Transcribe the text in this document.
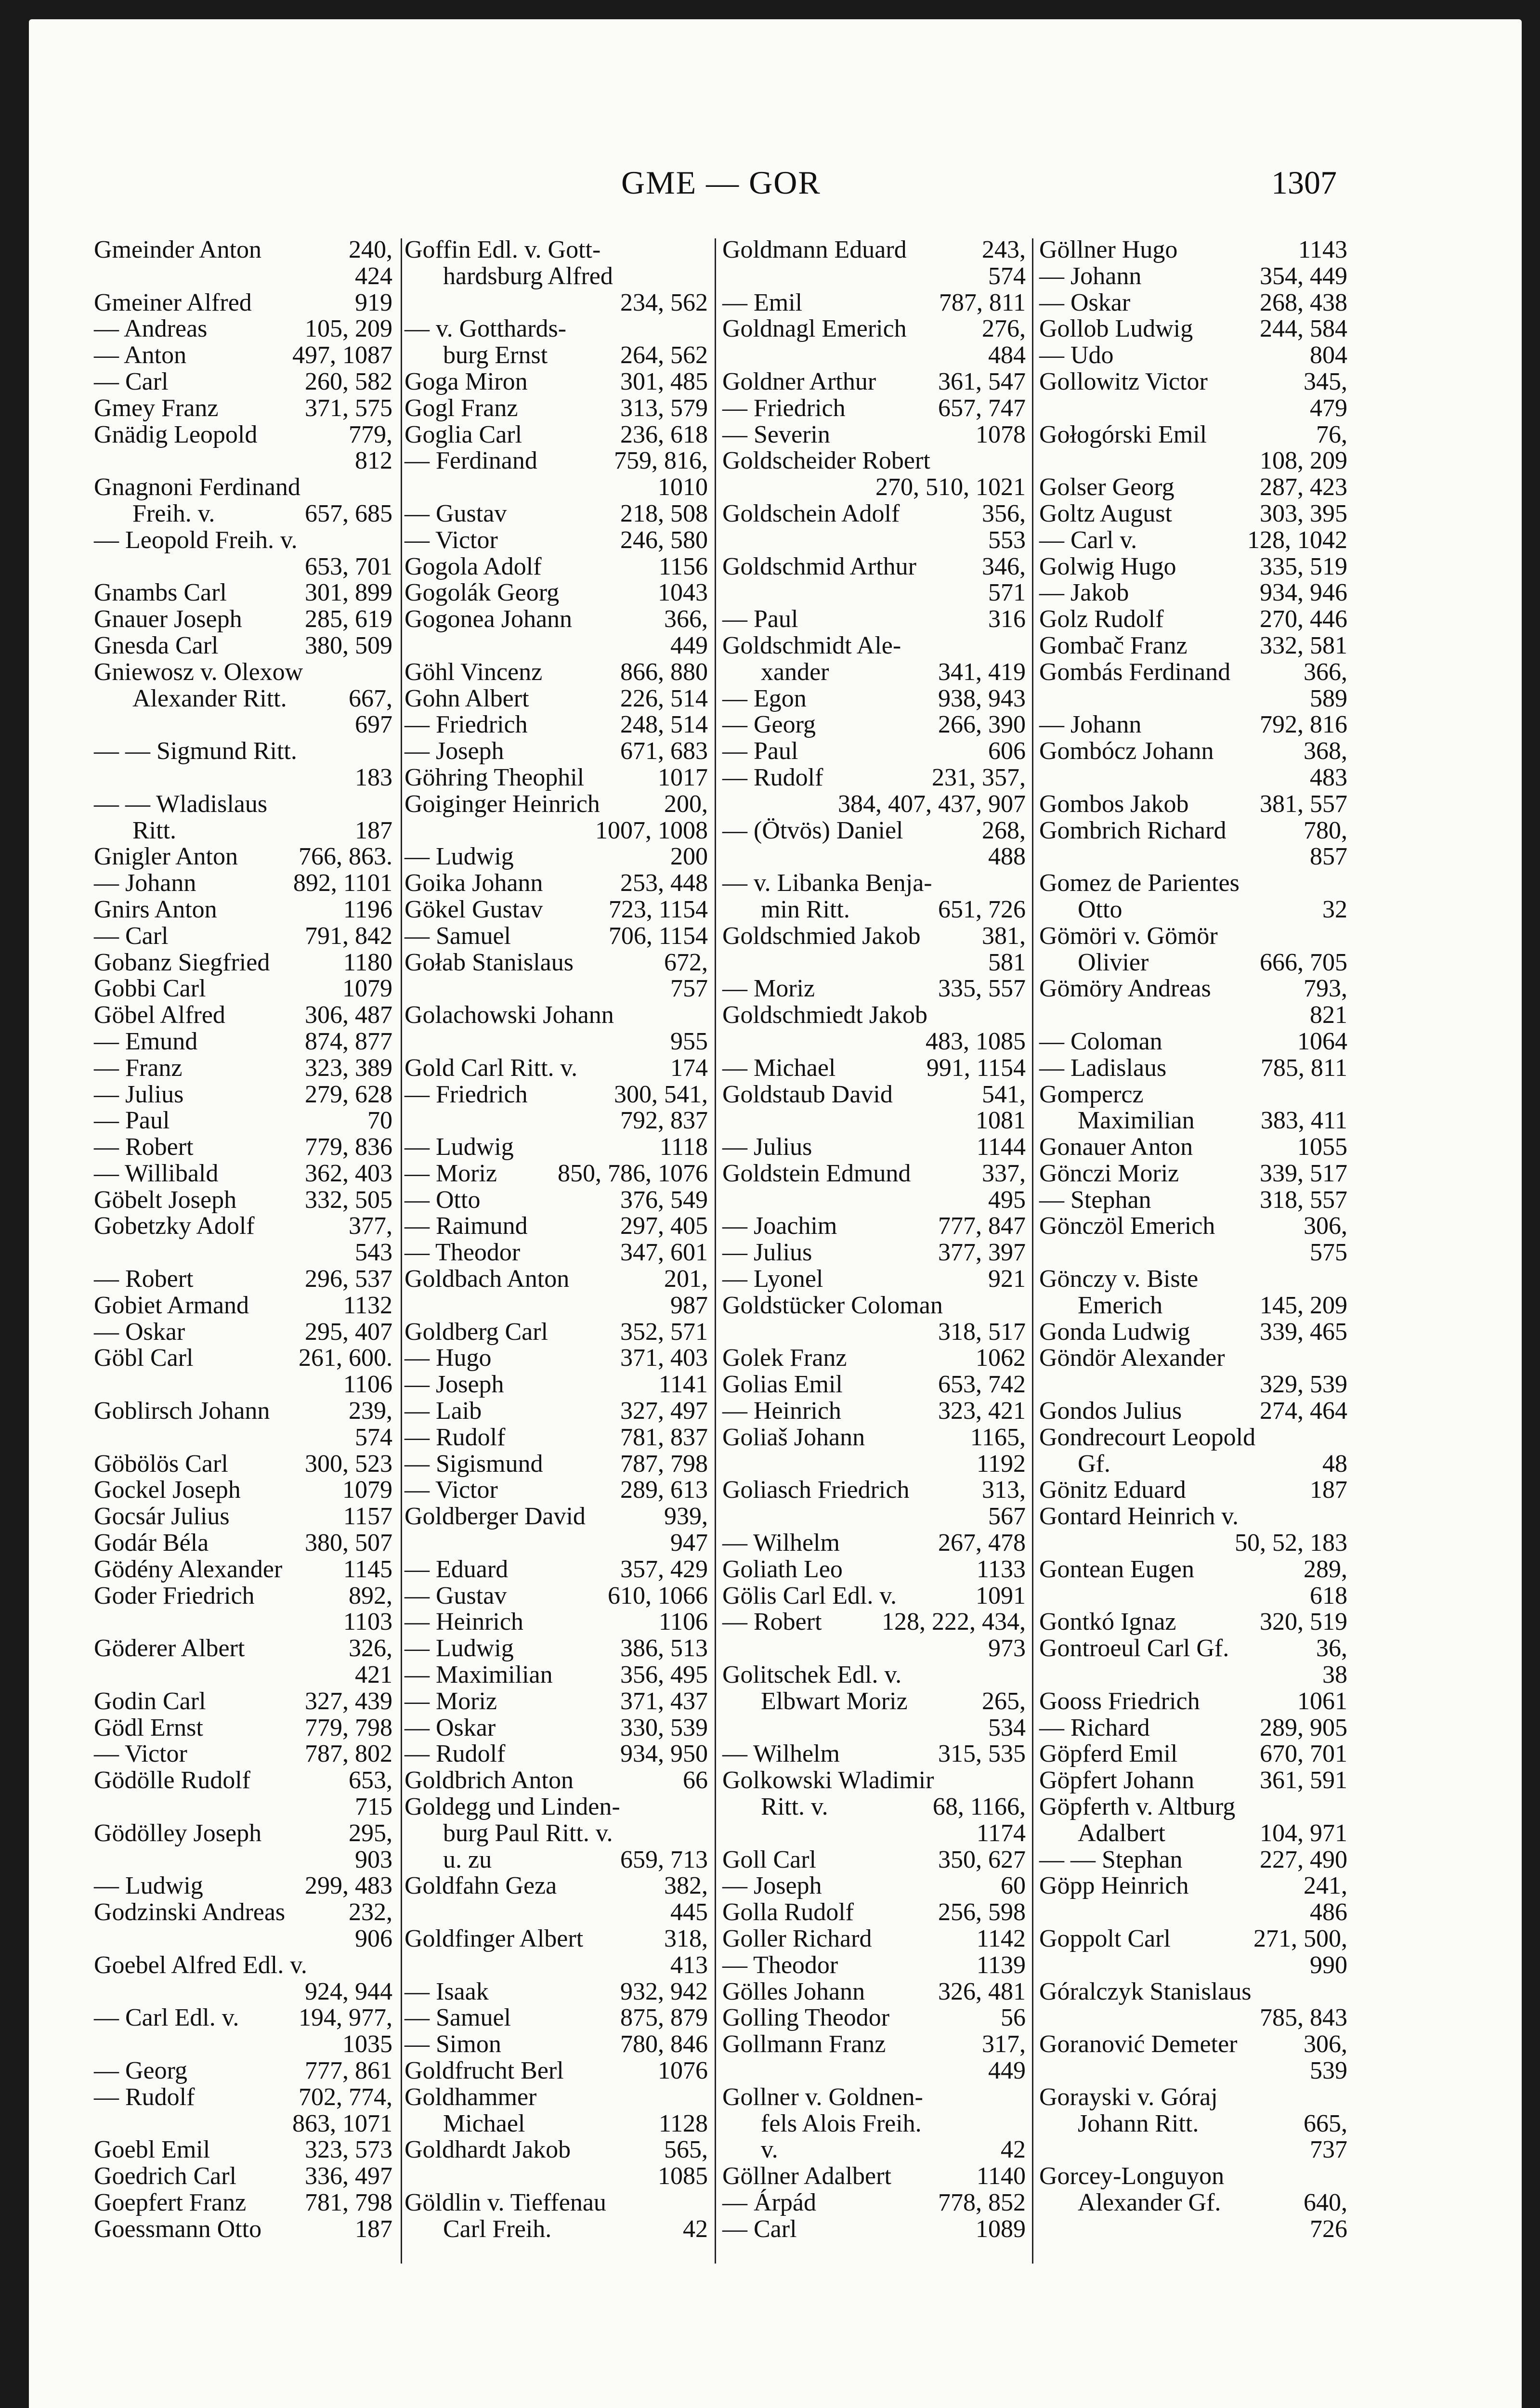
GME — GOR	1307
Gmeinder Anton	240,
424
Gmeiner Alfred	919
— Andreas	105, 209
— Anton	497, 1087
— Carl	260, 582
Gmey Franz	371, 575
Gnädig Leopold	779,
812
Gnagnoni Ferdinand
Freih. v.	657, 685
— Leopold Freih. v.
653, 701
Gnambs Carl	301, 899
Gnauer Joseph	285, 619
Gnesda Carl	380, 509
Gniewosz v. Olexow
Alexander Ritt. 667,
697
— — Sigmund Ritt.
183
— — Wladislaus
Ritt.	187
Gnigler Anton 766, 863.
— Johann	892, 1101
Gnirs Anton	1196
— Carl	791, 842
Gobanz Siegfried	1180
Gobbi Carl	1079
Göbel Alfred	306, 487
— Emund	874, 877
— Franz	323, 389
— Julius	279, 628
— Paul	70
— Robert	779, 836
— Willibald	362, 403
Göbelt Joseph	332, 505
Gobetzky Adolf	377,
543
— Robert	296, 537
Gobiet Armand	1132
— Oskar	295, 407
Göbl Carl	261, 600.
1106
Goblirsch Johann	239,
574
Göbölös Carl	300, 523
Gockel Joseph	1079
Gocsár Julius	1157
Godár Béla	380, 507
Gödény Alexander 1145
Goder Friedrich	892,
1103
Göderer Albert	326,
421
Godin Carl	327, 439
Gödl Ernst	779, 798
— Victor	787, 802
Gödölle Rudolf	653,
715
Gödölley Joseph	295,
903
— Ludwig	299, 483
Godzinski Andreas	232,
906
Goebel Alfred Edl. v.
924, 944
— Carl Edl. v. 194, 977,
1035
— Georg	777, 861
— Rudolf	702, 774,
863, 1071
Goebl Emil	323, 573
Goedrich Carl	336, 497
Goepfert Franz 781, 798
Goessmann Otto	187
Goffin Edl. v. Gott-
hardsburg Alfred
234, 562
— v. Gotthards-
burg Ernst	264, 562
Goga Miron	301, 485
Gogl Franz	313, 579
Goglia Carl	236, 618
— Ferdinand	759, 816,
1010
— Gustav	218, 508
— Victor	246, 580
Gogola Adolf	1156
Gogolák Georg	1043
Gogonea Johann	366,
449
Göhl Vincenz	866, 880
Gohn Albert	226, 514
— Friedrich	248, 514
— Joseph	671, 683
Göhring Theophil	1017
Goiginger Heinrich	200,
1007, 1008
— Ludwig	200
Goika Johann	253, 448
Gökel Gustav	723, 1154
— Samuel	706, 1154
Gołab Stanislaus	672,
757
Golachowski Johann
955
Gold Carl Ritt. v.	174
— Friedrich	300, 541,
792, 837
— Ludwig	1118
— Moriz 850, 786, 1076
— Otto	376, 549
— Raimund	297, 405
— Theodor	347, 601
Goldbach Anton	201,
987
Goldberg Carl	352, 571
— Hugo	371, 403
— Joseph	1141
— Laib	327, 497
— Rudolf	781, 837
— Sigismund	787, 798
— Victor	289, 613
Goldberger David	939,
947
— Eduard	357, 429
— Gustav	610, 1066
— Heinrich	1106
— Ludwig	386, 513
— Maximilian	356, 495
— Moriz	371, 437
— Oskar	330, 539
— Rudolf	934, 950
Goldbrich Anton	66
Goldegg und Linden-
burg Paul Ritt. v.
u. zu	659, 713
Goldfahn Geza	382,
445
Goldfinger Albert	318,
413
— Isaak	932, 942
— Samuel	875, 879
— Simon	780, 846
Goldfrucht Berl	1076
Goldhammer
Michael	1128
Goldhardt Jakob	565,
1085
Göldlin v. Tieffenau
Carl Freih.	42
Goldmann Eduard	243,
574
— Emil	787, 811
Goldnagl Emerich	276,
484
Goldner Arthur 361, 547
— Friedrich	657, 747
— Severin	1078
Goldscheider Robert
270, 510, 1021
Goldschein Adolf	356,
553
Goldschmid Arthur	346,
571
— Paul	316
Goldschmidt Ale-
xander	341, 419
— Egon	938, 943
— Georg	266, 390
— Paul	606
— Rudolf	231, 357,
384, 407, 437, 907
— (Ötvös) Daniel	268,
488
— v. Libanka Benja-
min Ritt.	651, 726
Goldschmied Jakob 381,
581
— Moriz	335, 557
Goldschmiedt Jakob
483, 1085
— Michael	991, 1154
Goldstaub David	541,
1081
— Julius	1144
Goldstein Edmund	337,
495
— Joachim	777, 847
— Julius	377, 397
— Lyonel	921
Goldstücker Coloman
318, 517
Golek Franz	1062
Golias Emil	653, 742
— Heinrich	323, 421
Goliaš Johann	1165,
1192
Goliasch Friedrich	313,
567
— Wilhelm	267, 478
Goliath Leo	1133
Gölis Carl Edl. v.	1091
— Robert 128, 222, 434,
973
Golitschek Edl. v.
Elbwart Moriz	265,
534
— Wilhelm	315, 535
Golkowski Wladimir
Ritt. v.	68, 1166,
1174
Goll Carl	350, 627
— Joseph	60
Golla Rudolf	256, 598
Goller Richard	1142
— Theodor	1139
Gölles Johann	326, 481
Golling Theodor	56
Gollmann Franz	317,
449
Gollner v. Goldnen-
fels Alois Freih.
v.	42
Göllner Adalbert	1140
— Árpád	778, 852
— Carl	1089
Göllner Hugo	1143
— Johann	354, 449
— Oskar	268, 438
Gollob Ludwig	244, 584
— Udo	804
Gollowitz Victor	345,
479
Gołogórski Emil	76,
108, 209
Golser Georg	287, 423
Goltz August	303, 395
— Carl v.	128, 1042
Golwig Hugo	335, 519
— Jakob	934, 946
Golz Rudolf	270, 446
Gombač Franz	332, 581
Gombás Ferdinand	366,
589
— Johann	792, 816
Gombócz Johann	368,
483
Gombos Jakob	381, 557
Gombrich Richard	780,
857
Gomez de Parientes
Otto	32
Gömöri v. Gömör
Olivier	666, 705
Gömöry Andreas	793,
821
— Coloman	1064
— Ladislaus	785, 811
Gompercz
Maximilian	383, 411
Gonauer Anton	1055
Gönczi Moriz	339, 517
— Stephan	318, 557
Gönczöl Emerich	306,
575
Gönczy v. Biste
Emerich	145, 209
Gonda Ludwig	339, 465
Göndör Alexander
329, 539
Gondos Julius	274, 464
Gondrecourt Leopold
Gf.	48
Gönitz Eduard	187
Gontard Heinrich v.
50, 52, 183
Gontean Eugen	289,
618
Gontkó Ignaz	320, 519
Gontroeul Carl Gf.	36,
38
Gooss Friedrich	1061
— Richard	289, 905
Göpferd Emil	670, 701
Göpfert Johann	361, 591
Göpferth v. Altburg
Adalbert	104, 971
— — Stephan	227, 490
Göpp Heinrich	241,
486
Goppolt Carl	271, 500,
990
Góralczyk Stanislaus
785, 843
Goranović Demeter	306,
539
Gorayski v. Góraj
Johann Ritt.	665,
737
Gorcey-Longuyon
Alexander Gf.	640,
726
